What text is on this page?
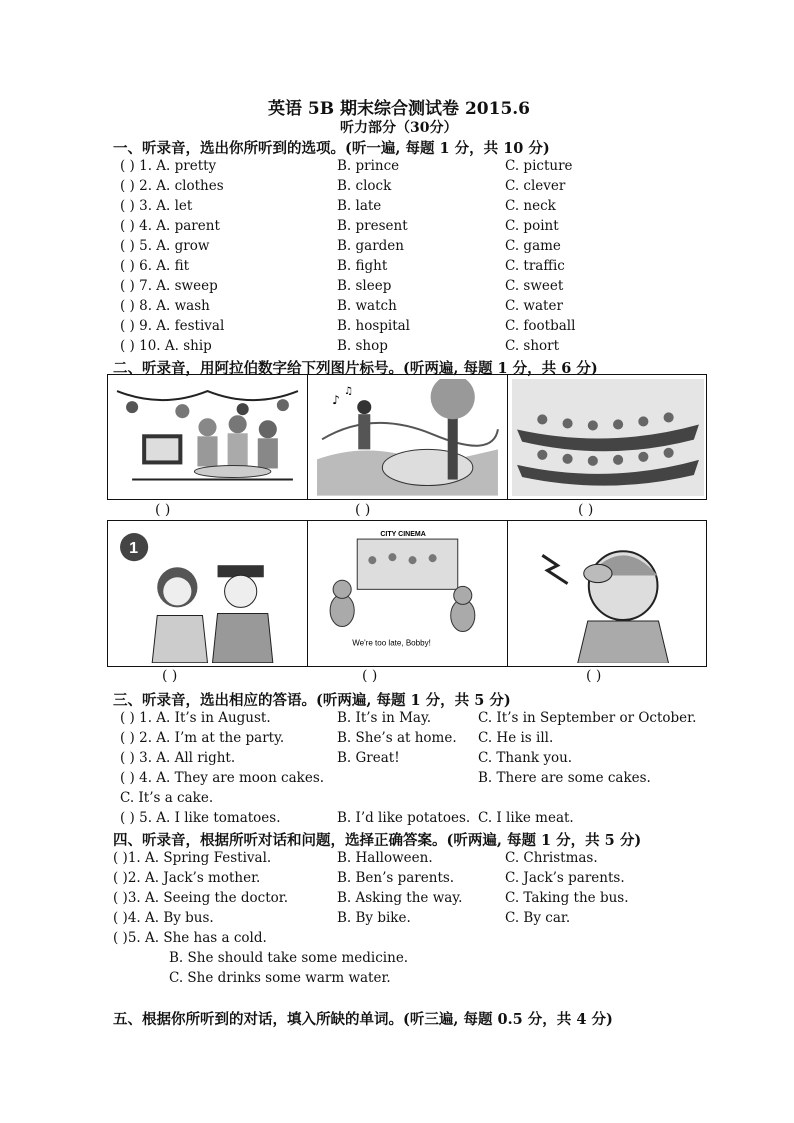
英语 5B 期末综合测试卷 2015.6
听力部分（30分）
一、听录音，选出你所听到的选项。(听一遍, 每题 1 分，共 10 分)
( ) 1. A. pretty	B. prince	C. picture
( ) 2. A. clothes	B. clock	C. clever
( ) 3. A. let	B. late	C. neck
( ) 4. A. parent	B. present	C. point
( ) 5. A. grow	B. garden	C. game
( ) 6. A. fit	B. fight	C. traffic
( ) 7. A. sweep	B. sleep	C. sweet
( ) 8. A. wash	B. watch	C. water
( ) 9. A. festival	B. hospital	C. football
( ) 10. A. ship	B. shop	C. short
二、听录音，用阿拉伯数字给下列图片标号。(听两遍, 每题 1 分，共 6 分)
♪
♫
( )	( )	( )
1
CITY CINEMA
We're too late, Bobby!
( )	( )	( )
三、听录音，选出相应的答语。(听两遍, 每题 1 分，共 5 分)
( ) 1. A. It’s in August.	B. It’s in May.	C. It’s in September or October.
( ) 2. A. I’m at the party.	B. She’s at home. C. He is ill.
( ) 3. A. All right.	B. Great!	C. Thank you.
( ) 4. A. They are moon cakes.	B. There are some cakes.
C. It’s a cake.
( ) 5. A. I like tomatoes.	B. I’d like potatoes. C. I like meat.
四、听录音，根据所听对话和问题，选择正确答案。(听两遍, 每题 1 分，共 5 分)
( )1. A. Spring Festival.	B. Halloween.	C. Christmas.
( )2. A. Jack’s mother.	B. Ben’s parents.	C. Jack’s parents.
( )3. A. Seeing the doctor.	B. Asking the way.	C. Taking the bus.
( )4. A. By bus.	B. By bike.	C. By car.
( )5. A. She has a cold.
B. She should take some medicine.
C. She drinks some warm water.
五、根据你所听到的对话，填入所缺的单词。(听三遍, 每题 0.5 分，共 4 分)
